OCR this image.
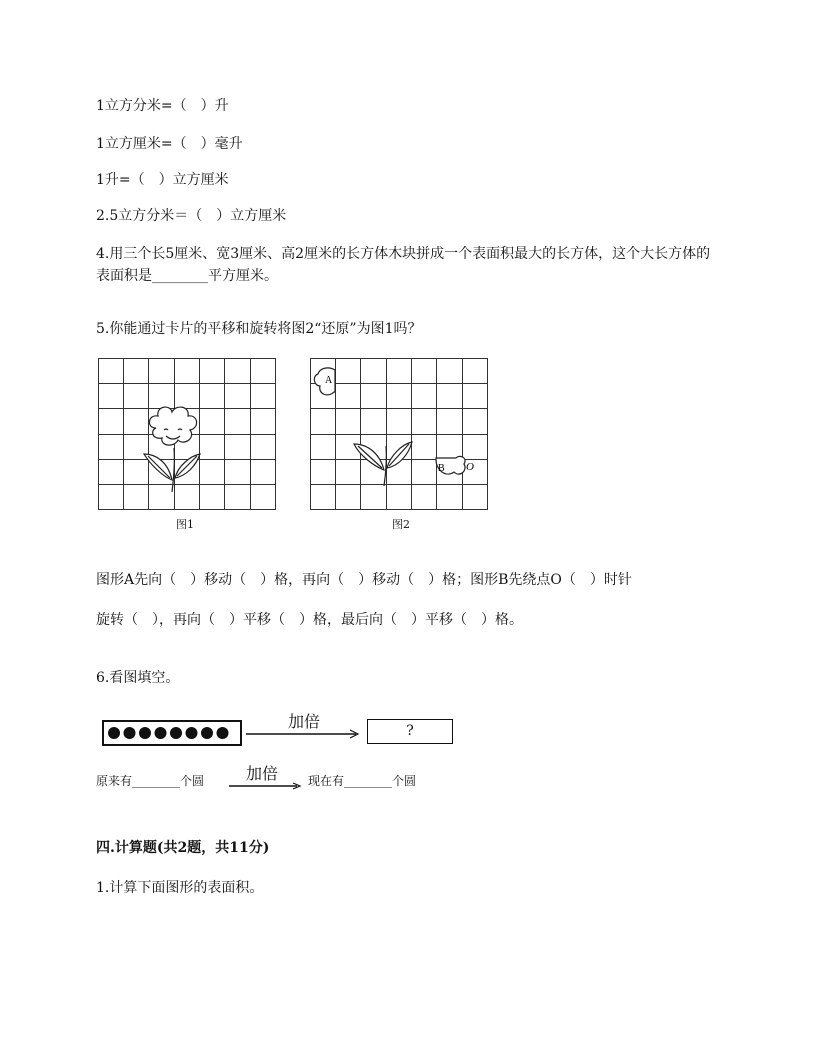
1立方分米=（　）升
1立方厘米=（　）毫升
1升=（　）立方厘米
2.5立方分米＝（　）立方厘米
4.用三个长5厘米、宽3厘米、高2厘米的长方体木块拼成一个表面积最大的长方体，这个大长方体的表面积是________平方厘米。
5.你能通过卡片的平移和旋转将图2“还原”为图1吗？
图1
A
B O
图2
图形A先向（　）移动（　）格，再向（　）移动（　）格；图形B先绕点O（　）时针
旋转（　），再向（　）平移（　）格，最后向（　）平移（　）格。
6.看图填空。
加倍	?
原来有________个圆	加倍 现在有________个圆
四.计算题(共2题，共11分)
1.计算下面图形的表面积。
